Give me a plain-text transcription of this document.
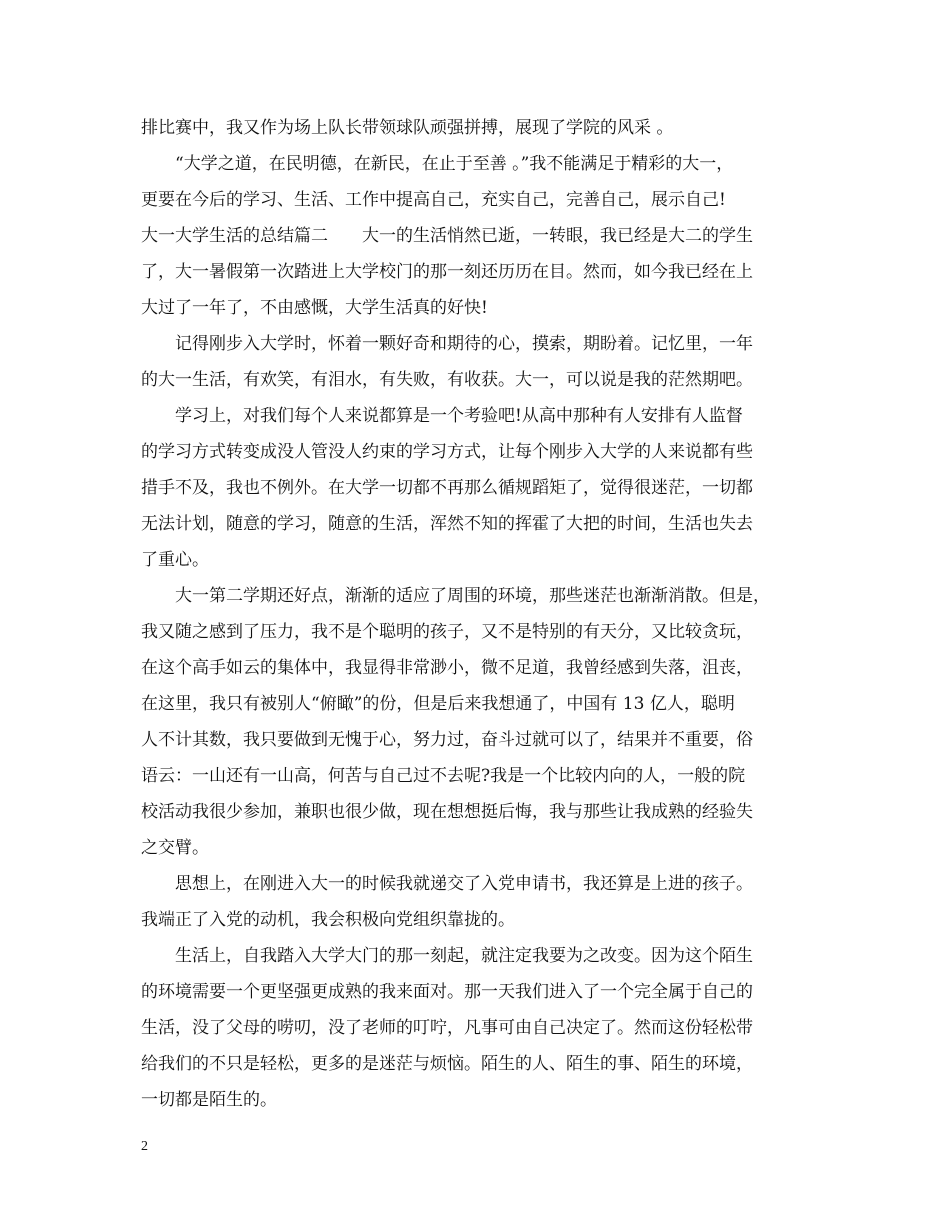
排比赛中，我又作为场上队长带领球队顽强拼搏，展现了学院的风采 。
　　“大学之道，在民明德，在新民，在止于至善 。”我不能满足于精彩的大一，
更要在今后的学习、生活、工作中提高自己，充实自己，完善自己，展示自己!
大一大学生活的总结篇二　　大一的生活悄然已逝，一转眼，我已经是大二的学生
了，大一暑假第一次踏进上大学校门的那一刻还历历在目。然而，如今我已经在上
大过了一年了，不由感慨，大学生活真的好快!
　　记得刚步入大学时，怀着一颗好奇和期待的心，摸索，期盼着。记忆里，一年
的大一生活，有欢笑，有泪水，有失败，有收获。大一，可以说是我的茫然期吧。
　　学习上，对我们每个人来说都算是一个考验吧!从高中那种有人安排有人监督
的学习方式转变成没人管没人约束的学习方式，让每个刚步入大学的人来说都有些
措手不及，我也不例外。在大学一切都不再那么循规蹈矩了，觉得很迷茫，一切都
无法计划，随意的学习，随意的生活，浑然不知的挥霍了大把的时间，生活也失去
了重心。
　　大一第二学期还好点，渐渐的适应了周围的环境，那些迷茫也渐渐消散。但是，
我又随之感到了压力，我不是个聪明的孩子，又不是特别的有天分，又比较贪玩，
在这个高手如云的集体中，我显得非常渺小，微不足道，我曾经感到失落，沮丧，
在这里，我只有被别人“俯瞰”的份，但是后来我想通了，中国有 13 亿人，聪明
人不计其数，我只要做到无愧于心，努力过，奋斗过就可以了，结果并不重要，俗
语云：一山还有一山高，何苦与自己过不去呢?我是一个比较内向的人，一般的院
校活动我很少参加，兼职也很少做，现在想想挺后悔，我与那些让我成熟的经验失
之交臂。
　　思想上，在刚进入大一的时候我就递交了入党申请书，我还算是上进的孩子。
我端正了入党的动机，我会积极向党组织靠拢的。
　　生活上，自我踏入大学大门的那一刻起，就注定我要为之改变。因为这个陌生
的环境需要一个更坚强更成熟的我来面对。那一天我们进入了一个完全属于自己的
生活，没了父母的唠叨，没了老师的叮咛，凡事可由自己决定了。然而这份轻松带
给我们的不只是轻松，更多的是迷茫与烦恼。陌生的人、陌生的事、陌生的环境，
一切都是陌生的。
2
